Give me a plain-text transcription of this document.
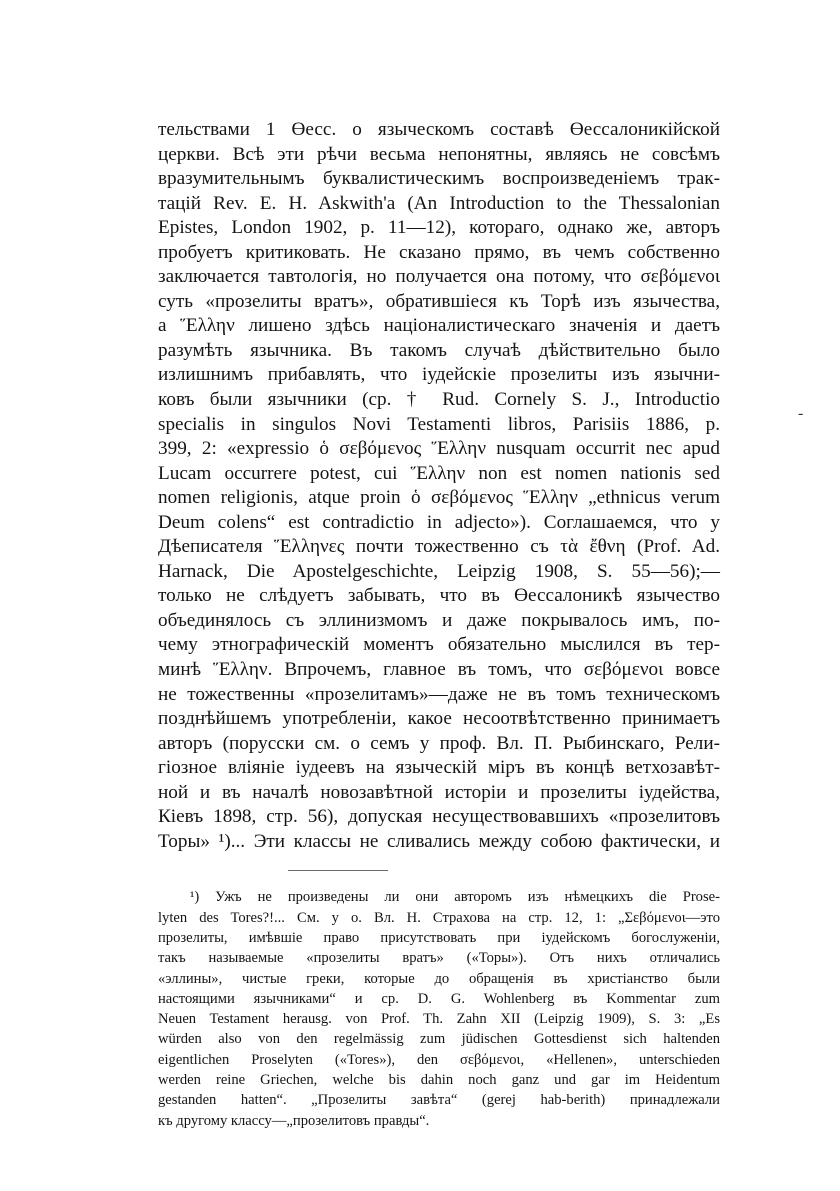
тельствами 1 Өесс. о языческомъ составѣ Өессалоникійской
церкви. Всѣ эти рѣчи весьма непонятны, являясь не совсѣмъ
вразумительнымъ буквалистическимъ воспроизведеніемъ трак-
тацій Rev. E. H. Askwith'a (An Introduction to the Thessalonian
Epistes, London 1902, p. 11—12), котораго, однако же, авторъ
пробуетъ критиковать. Не сказано прямо, въ чемъ собственно
заключается тавтологія, но получается она потому, что σεβόμενοι
суть «прозелиты вратъ», обратившіеся къ Торѣ изъ язычества,
а Ἕλλην лишено здѣсь націоналистическаго значенія и даетъ
разумѣть язычника. Въ такомъ случаѣ дѣйствительно было
излишнимъ прибавлять, что іудейскіе прозелиты изъ язычни-
ковъ были язычники (ср. † Rud. Cornely S. J., Introductio
specialis in singulos Novi Testamenti libros, Parisiis 1886, p.
399, 2: «expressio ὁ σεβόμενος Ἕλλην nusquam occurrit nec apud
Lucam occurrere potest, cui Ἕλλην non est nomen nationis sed
nomen religionis, atque proin ὁ σεβόμενος Ἕλλην „ethnicus verum
Deum colens“ est contradictio in adjecto»). Соглашаемся, что у
Дѣеписателя Ἕλληνες почти тожественно съ τὰ ἔθνη (Prof. Ad.
Harnack, Die Apostelgeschichte, Leipzig 1908, S. 55—56);—
только не слѣдуетъ забывать, что въ Өессалоникѣ язычество
объединялось съ эллинизмомъ и даже покрывалось имъ, по-
чему этнографическій моментъ обязательно мыслился въ тер-
минѣ Ἕλλην. Впрочемъ, главное въ томъ, что σεβόμενοι вовсе
не тожественны «прозелитамъ»—даже не въ томъ техническомъ
позднѣйшемъ употребленіи, какое несоотвѣтственно принимаетъ
авторъ (порусски см. о семъ у проф. Вл. П. Рыбинскаго, Рели-
гіозное вліяніе іудеевъ на языческій міръ въ концѣ ветхозавѣт-
ной и въ началѣ новозавѣтной исторіи и прозелиты іудейства,
Кіевъ 1898, стр. 56), допуская несуществовавшихъ «прозелитовъ
Торы» ¹)... Эти классы не сливались между собою фактически, и
¹) Ужъ не произведены ли они авторомъ изъ нѣмецкихъ die Prose-
lyten des Tores?!... См. у о. Вл. Н. Страхова на стр. 12, 1: „Σεβόμενοι—это
прозелиты, имѣвшіе право присутствовать при іудейскомъ богослуженіи,
такъ называемые «прозелиты вратъ» («Торы»). Отъ нихъ отличались
«эллины», чистые греки, которые до обращенія въ христіанство были
настоящими язычниками“ и ср. D. G. Wohlenberg въ Kommentar zum
Neuen Testament herausg. von Prof. Th. Zahn XII (Leipzig 1909), S. 3: „Es
würden also von den regelmässig zum jüdischen Gottesdienst sich haltenden
eigentlichen Proselyten («Tores»), den σεβόμενοι, «Hellenen», unterschieden
werden reine Griechen, welche bis dahin noch ganz und gar im Heidentum
gestanden hatten“. „Прозелиты завѣта“ (gerej hab-berith) принадлежали
къ другому классу—„прозелитовъ правды“.
-
